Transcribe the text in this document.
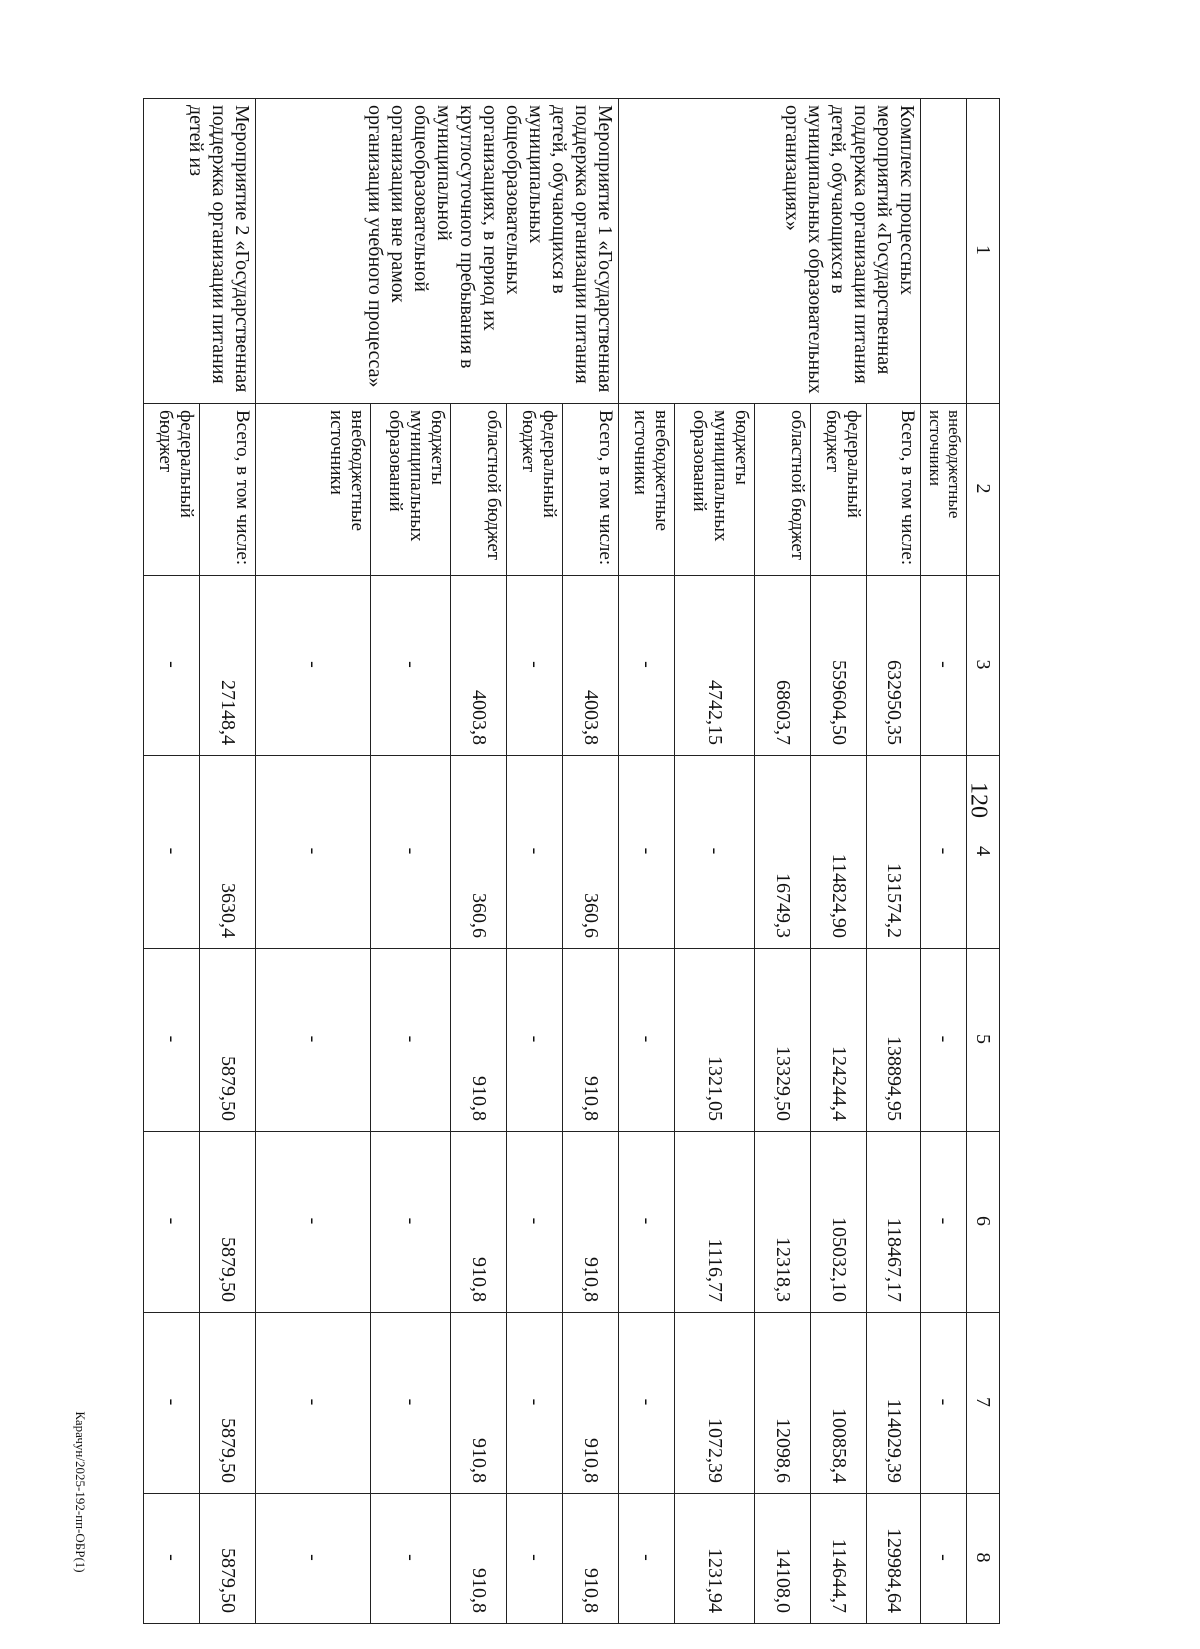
120
Карачун/2025-192-пп-ОБР(1)
1	2	3	4	5	6	7	8
	внебюджетные источники	-	-	-	-	-	-
Комплекс процессных мероприятий «Государственная поддержка организации питания детей, обучающихся в муниципальных образовательных организациях»	Всего, в том числе:	632950,35	131574,2	138894,95	118467,17	114029,39	129984,64
	федеральный бюджет	559604,50	114824,90	124244,4	105032,10	100858,4	114644,7
	областной бюджет	68603,7	16749,3	13329,50	12318,3	12098,6	14108,0
	бюджеты муниципальных образований	4742,15	-	1321,05	1116,77	1072,39	1231,94
	внебюджетные источники	-	-	-	-	-	-
Мероприятие 1 «Государственная поддержка организации питания детей, обучающихся в муниципальных общеобразовательных организациях, в период их круглосуточного пребывания в муниципальной общеобразовательной организации вне рамок организации учебного процесса»	Всего, в том числе:	4003,8	360,6	910,8	910,8	910,8	910,8
	федеральный бюджет	-	-	-	-	-	-
	областной бюджет	4003,8	360,6	910,8	910,8	910,8	910,8
	бюджеты муниципальных образований	-	-	-	-	-	-
	внебюджетные источники	-	-	-	-	-	-
Мероприятие 2 «Государственная поддержка организации питания детей из	Всего, в том числе:	27148,4	3630,4	5879,50	5879,50	5879,50	5879,50
	федеральный бюджет	-	-	-	-	-	-
